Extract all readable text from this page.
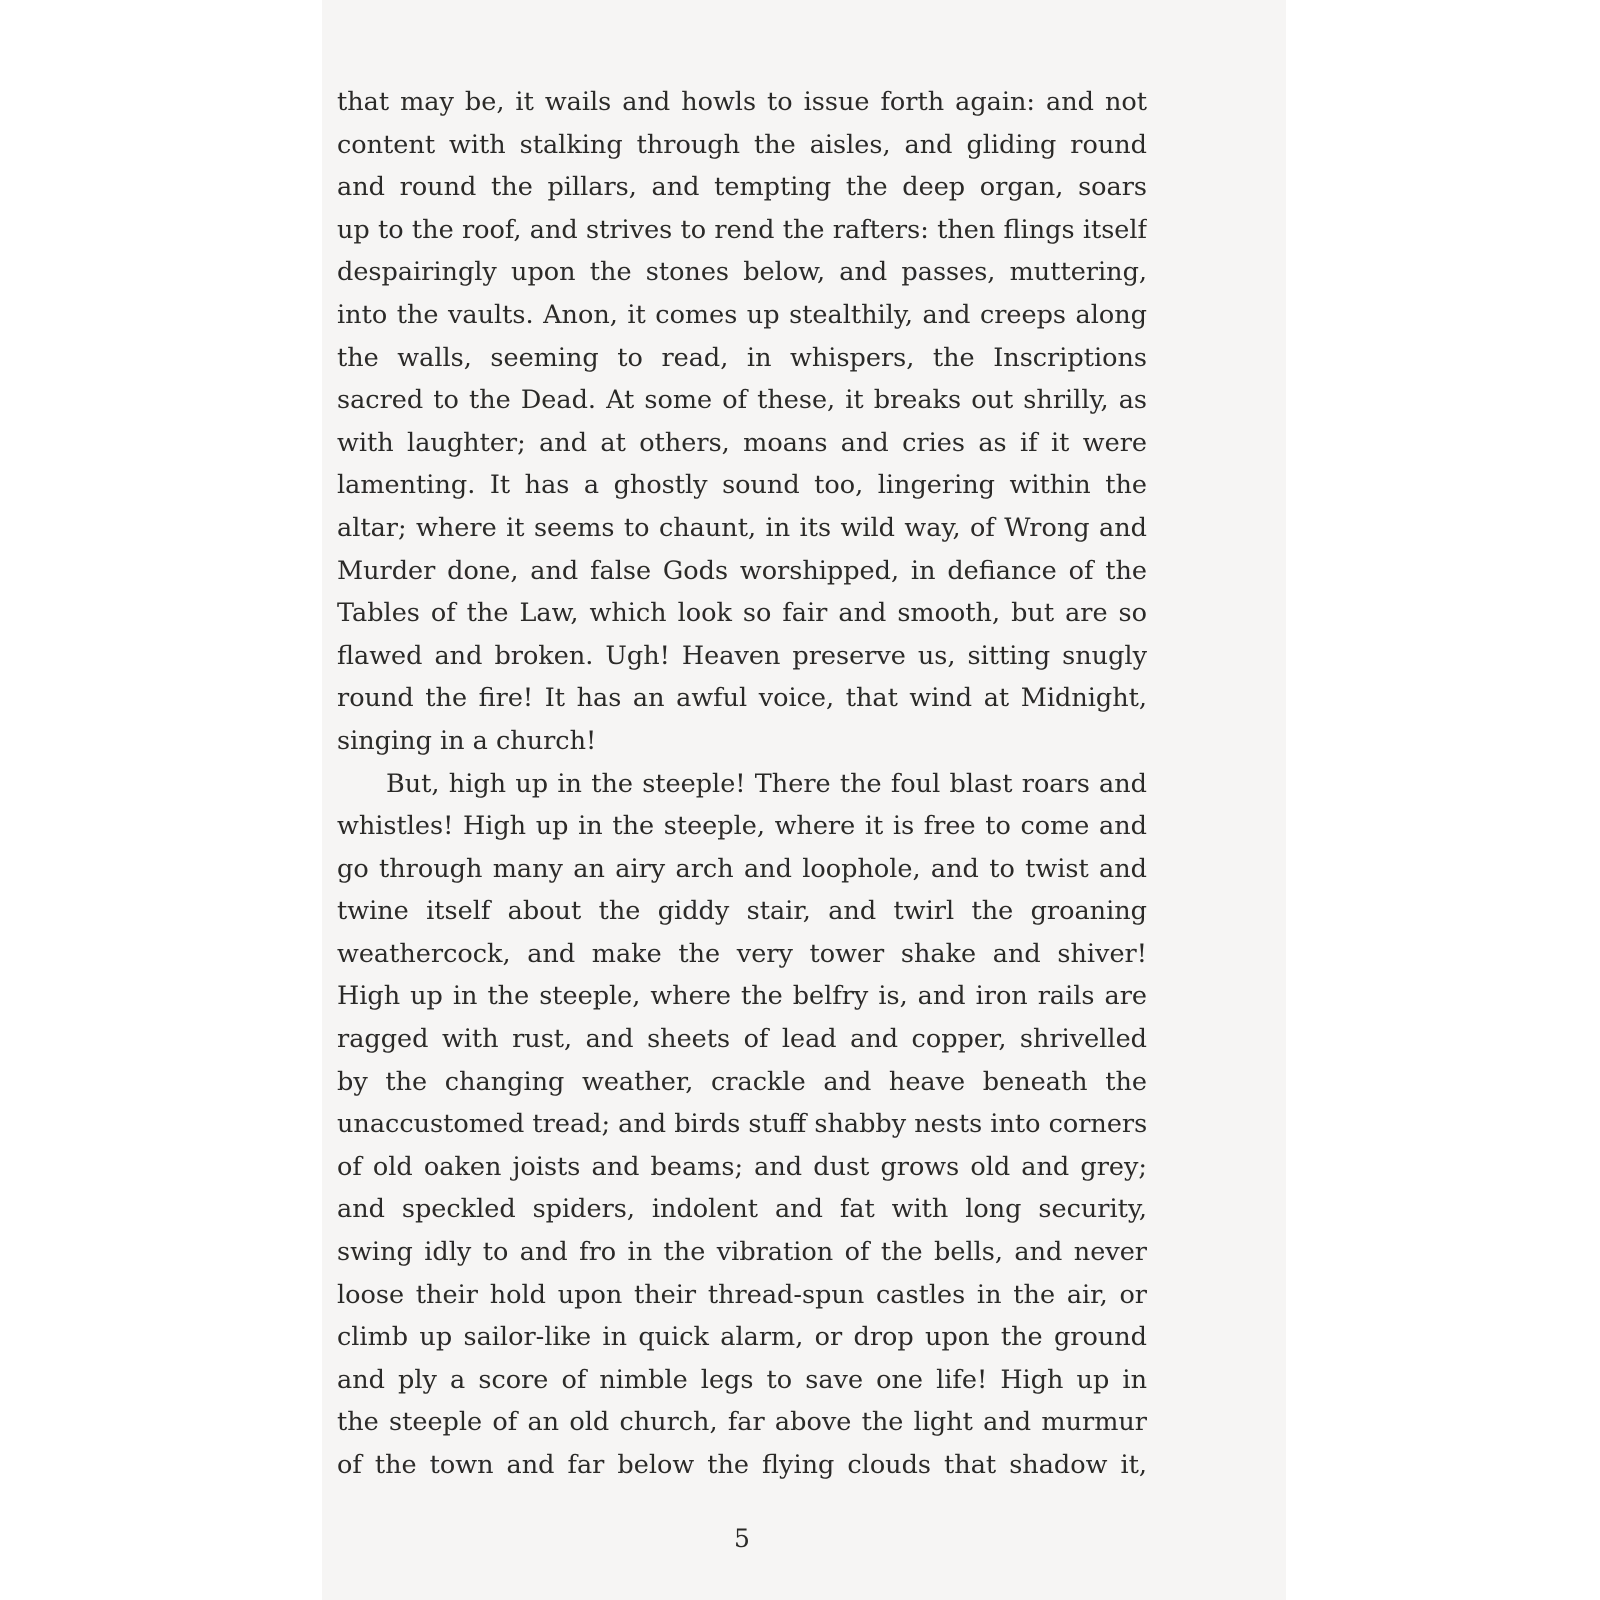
that may be, it wails and howls to issue forth again: and not
content with stalking through the aisles, and gliding round
and round the pillars, and tempting the deep organ, soars
up to the roof, and strives to rend the rafters: then flings itself
despairingly upon the stones below, and passes, muttering,
into the vaults. Anon, it comes up stealthily, and creeps along
the walls, seeming to read, in whispers, the Inscriptions
sacred to the Dead. At some of these, it breaks out shrilly, as
with laughter; and at others, moans and cries as if it were
lamenting. It has a ghostly sound too, lingering within the
altar; where it seems to chaunt, in its wild way, of Wrong and
Murder done, and false Gods worshipped, in defiance of the
Tables of the Law, which look so fair and smooth, but are so
flawed and broken. Ugh! Heaven preserve us, sitting snugly
round the fire! It has an awful voice, that wind at Midnight,
singing in a church!
But, high up in the steeple! There the foul blast roars and
whistles! High up in the steeple, where it is free to come and
go through many an airy arch and loophole, and to twist and
twine itself about the giddy stair, and twirl the groaning
weathercock, and make the very tower shake and shiver!
High up in the steeple, where the belfry is, and iron rails are
ragged with rust, and sheets of lead and copper, shrivelled
by the changing weather, crackle and heave beneath the
unaccustomed tread; and birds stuff shabby nests into corners
of old oaken joists and beams; and dust grows old and grey;
and speckled spiders, indolent and fat with long security,
swing idly to and fro in the vibration of the bells, and never
loose their hold upon their thread-spun castles in the air, or
climb up sailor-like in quick alarm, or drop upon the ground
and ply a score of nimble legs to save one life! High up in
the steeple of an old church, far above the light and murmur
of the town and far below the flying clouds that shadow it,
5
